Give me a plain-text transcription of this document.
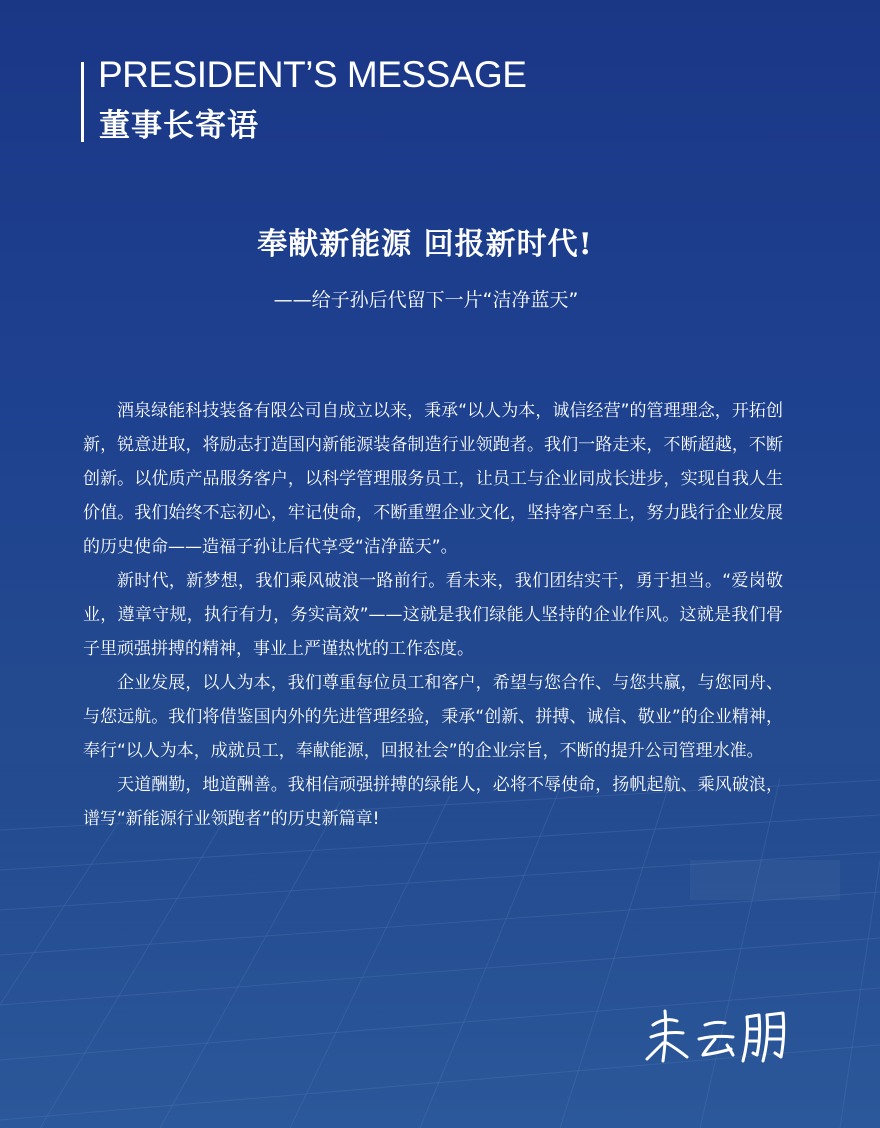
PRESIDENT’S MESSAGE
董事长寄语
奉献新能源 回报新时代!
——给子孙后代留下一片“洁净蓝天”

酒泉绿能科技装备有限公司自成立以来，秉承“以人为本，诚信经营”的管理理念，开拓创新，锐意进取，将励志打造国内新能源装备制造行业领跑者。我们一路走来，不断超越，不断创新。以优质产品服务客户，以科学管理服务员工，让员工与企业同成长进步，实现自我人生价值。我们始终不忘初心，牢记使命，不断重塑企业文化，坚持客户至上，努力践行企业发展的历史使命——造福子孙让后代享受“洁净蓝天”。

新时代，新梦想，我们乘风破浪一路前行。看未来，我们团结实干，勇于担当。“爱岗敬业，遵章守规，执行有力，务实高效”——这就是我们绿能人坚持的企业作风。这就是我们骨子里顽强拼搏的精神，事业上严谨热忱的工作态度。

企业发展，以人为本，我们尊重每位员工和客户，希望与您合作、与您共赢，与您同舟、与您远航。我们将借鉴国内外的先进管理经验，秉承“创新、拼搏、诚信、敬业”的企业精神，奉行“以人为本，成就员工，奉献能源，回报社会”的企业宗旨，不断的提升公司管理水准。

天道酬勤，地道酬善。我相信顽强拼搏的绿能人，必将不辱使命，扬帆起航、乘风破浪，谱写“新能源行业领跑者”的历史新篇章!
